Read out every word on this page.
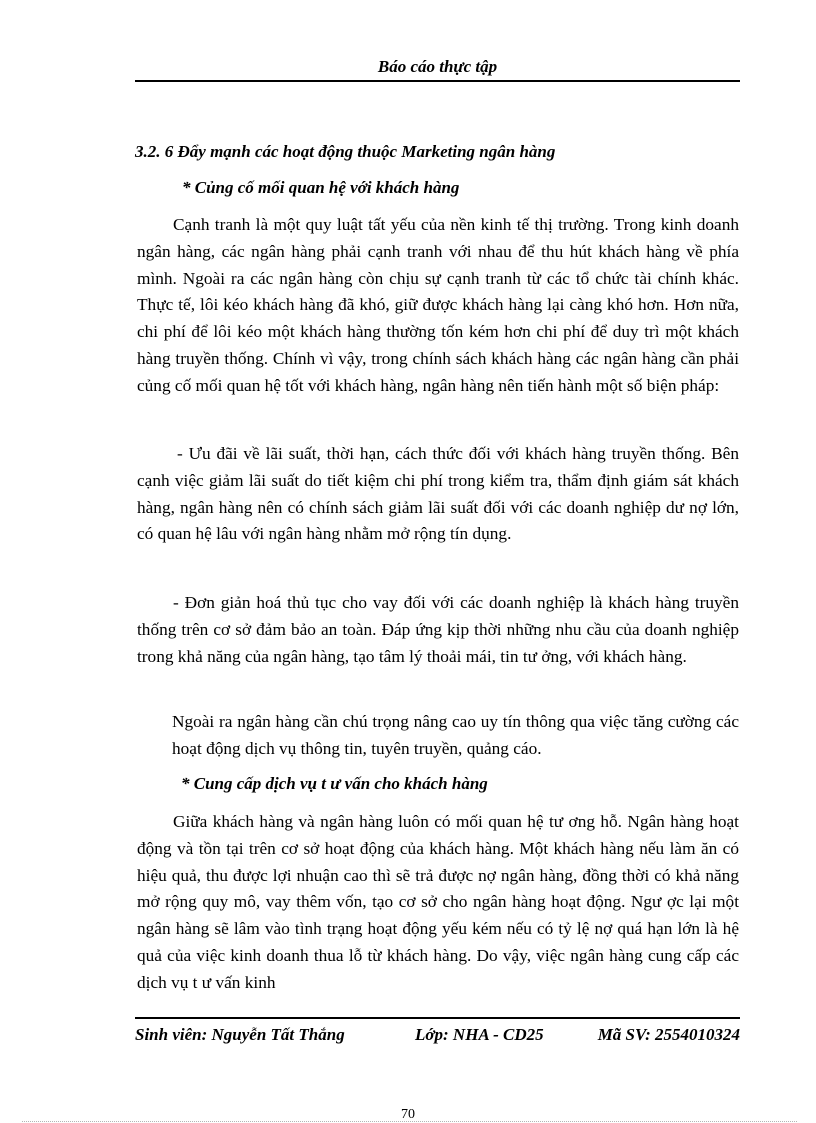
Báo cáo thực tập
3.2. 6 Đẩy mạnh các hoạt động thuộc Marketing ngân hàng
* Củng cố mối quan hệ với khách hàng

Cạnh tranh là một quy luật tất yếu của nền kinh tế thị trường. Trong kinh doanh ngân hàng, các ngân hàng phải cạnh tranh với nhau để thu hút khách hàng về phía mình. Ngoài ra các ngân hàng còn chịu sự cạnh tranh từ các tổ chức tài chính khác. Thực tế, lôi kéo khách hàng đã khó, giữ được khách hàng lại càng khó hơn. Hơn nữa, chi phí để lôi kéo một khách hàng thường tốn kém hơn chi phí để duy trì một khách hàng truyền thống. Chính vì vậy, trong chính sách khách hàng các ngân hàng cần phải củng cố mối quan hệ tốt với khách hàng, ngân hàng nên tiến hành một số biện pháp:

- Ưu đãi về lãi suất, thời hạn, cách thức đối với khách hàng truyền thống. Bên cạnh việc giảm lãi suất do tiết kiệm chi phí trong kiểm tra, thẩm định giám sát khách hàng, ngân hàng nên có chính sách giảm lãi suất đối với các doanh nghiệp dư nợ lớn, có quan hệ lâu với ngân hàng nhằm mở rộng tín dụng.

- Đơn giản hoá thủ tục cho vay đối với các doanh nghiệp là khách hàng truyền thống trên cơ sở đảm bảo an toàn. Đáp ứng kịp thời những nhu cầu của doanh nghiệp trong khả năng của ngân hàng, tạo tâm lý thoải mái, tin tư ởng, với khách hàng.

Ngoài ra ngân hàng cần chú trọng nâng cao uy tín thông qua việc tăng cường các hoạt động dịch vụ thông tin, tuyên truyền, quảng cáo.

* Cung cấp dịch vụ t ư vấn cho khách hàng

Giữa khách hàng và ngân hàng luôn có mối quan hệ tư ơng hỗ. Ngân hàng hoạt động và tồn tại trên cơ sở hoạt động của khách hàng. Một khách hàng nếu làm ăn có hiệu quả, thu được lợi nhuận cao thì sẽ trả được nợ ngân hàng, đồng thời có khả năng mở rộng quy mô, vay thêm vốn, tạo cơ sở cho ngân hàng hoạt động. Ngư ợc lại một ngân hàng sẽ lâm vào tình trạng hoạt động yếu kém nếu có tỷ lệ nợ quá hạn lớn là hệ quả của việc kinh doanh thua lỗ từ khách hàng. Do vậy, việc ngân hàng cung cấp các dịch vụ t ư vấn kinh

Sinh viên: Nguyễn Tất Thắng	Lớp: NHA - CD25	Mã SV: 2554010324
70
